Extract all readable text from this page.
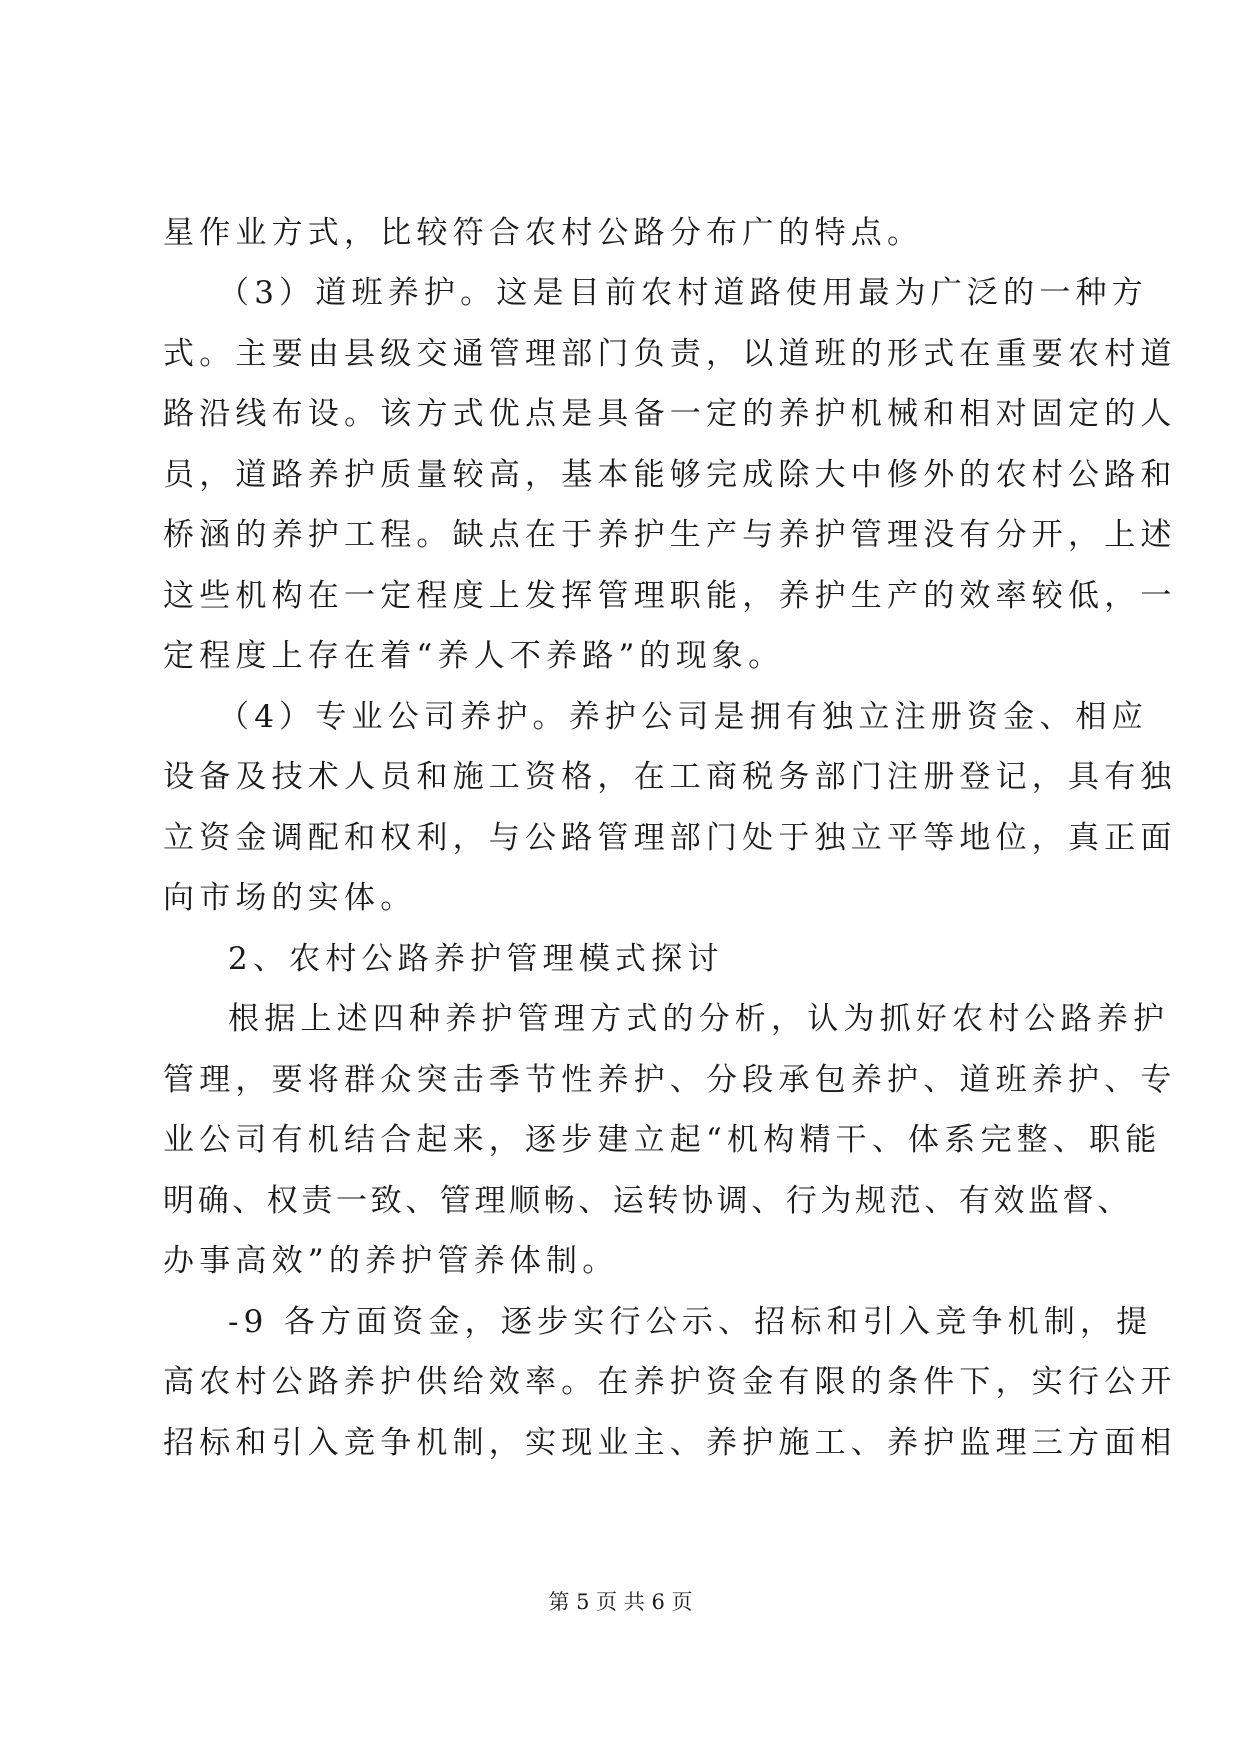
星作业方式，比较符合农村公路分布广的特点。
（3）道班养护。这是目前农村道路使用最为广泛的一种方
式。主要由县级交通管理部门负责，以道班的形式在重要农村道
路沿线布设。该方式优点是具备一定的养护机械和相对固定的人
员，道路养护质量较高，基本能够完成除大中修外的农村公路和
桥涵的养护工程。缺点在于养护生产与养护管理没有分开，上述
这些机构在一定程度上发挥管理职能，养护生产的效率较低，一
定程度上存在着“养人不养路”的现象。
（4）专业公司养护。养护公司是拥有独立注册资金、相应
设备及技术人员和施工资格，在工商税务部门注册登记，具有独
立资金调配和权利，与公路管理部门处于独立平等地位，真正面
向市场的实体。
2、农村公路养护管理模式探讨
根据上述四种养护管理方式的分析，认为抓好农村公路养护
管理，要将群众突击季节性养护、分段承包养护、道班养护、专
业公司有机结合起来，逐步建立起“机构精干、体系完整、职能
明确、权责一致、管理顺畅、运转协调、行为规范、有效监督、
办事高效”的养护管养体制。
-9 各方面资金，逐步实行公示、招标和引入竞争机制，提
高农村公路养护供给效率。在养护资金有限的条件下，实行公开
招标和引入竞争机制，实现业主、养护施工、养护监理三方面相
第 5 页 共 6 页
